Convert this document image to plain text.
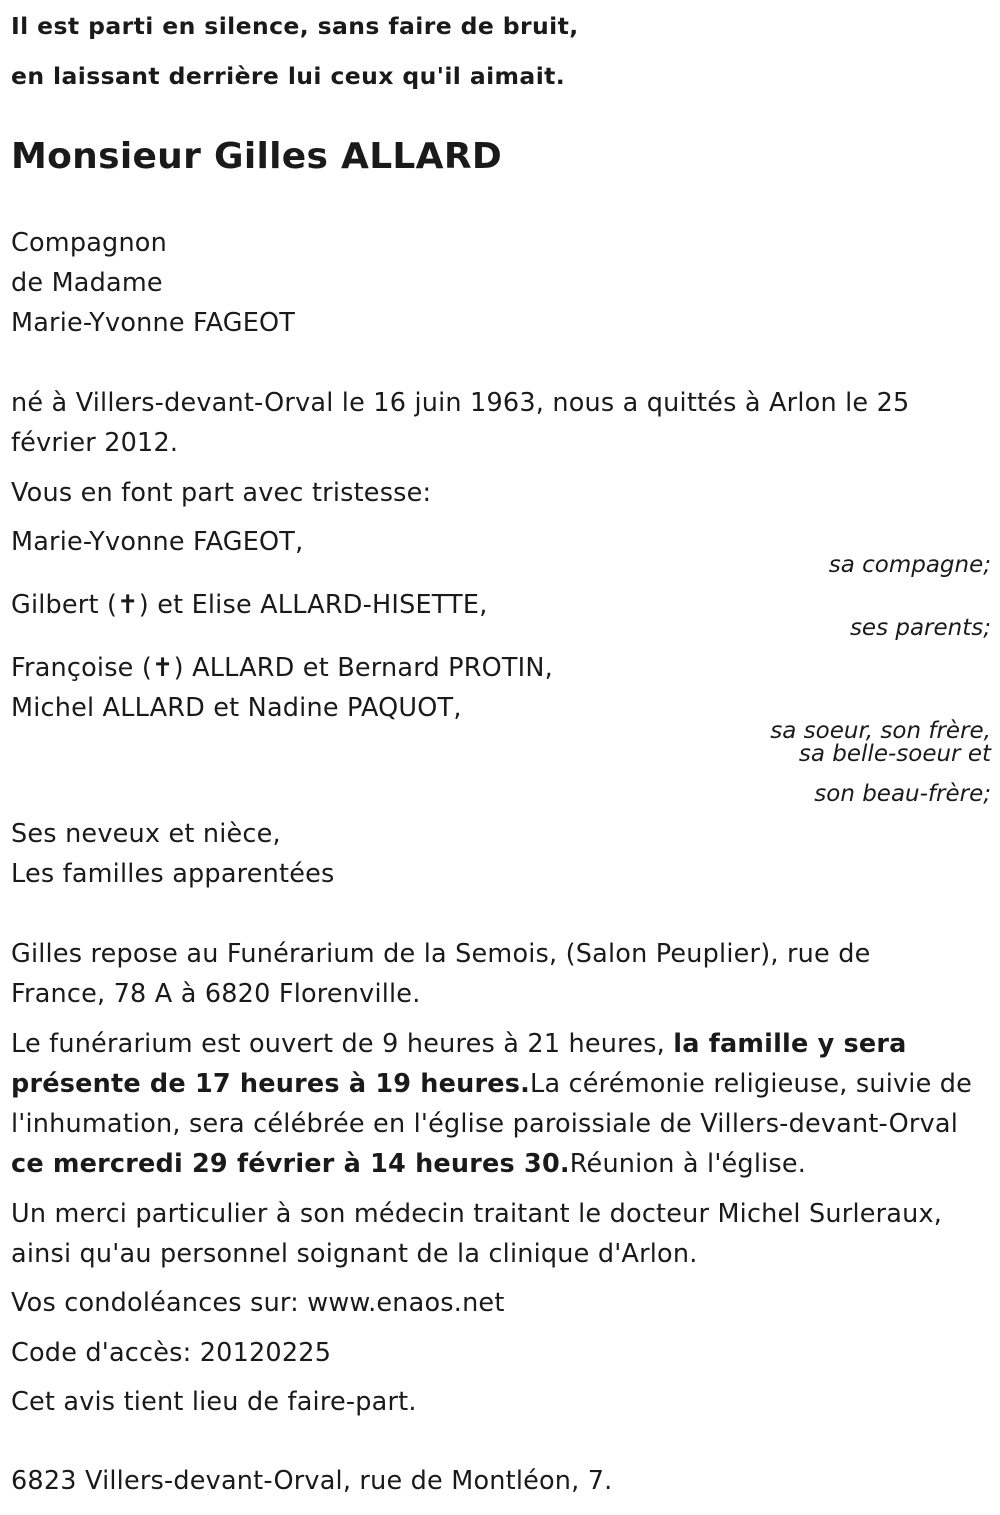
Il est parti en silence, sans faire de bruit,
en laissant derrière lui ceux qu'il aimait.
Monsieur Gilles ALLARD
Compagnon
de Madame
Marie-Yvonne FAGEOT
né à Villers-devant-Orval le 16 juin 1963, nous a quittés à Arlon le 25
février 2012.
Vous en font part avec tristesse:
Marie-Yvonne FAGEOT,
sa compagne;
Gilbert (✝) et Elise ALLARD-HISETTE,
ses parents;
Françoise (✝) ALLARD et Bernard PROTIN,
Michel ALLARD et Nadine PAQUOT,
sa soeur, son frère,
sa belle-soeur et
son beau-frère;
Ses neveux et nièce,
Les familles apparentées
Gilles repose au Funérarium de la Semois, (Salon Peuplier), rue de
France, 78 A à 6820 Florenville.
Le funérarium est ouvert de 9 heures à 21 heures, la famille y sera présente de 17 heures à 19 heures.La cérémonie religieuse, suivie de l'inhumation, sera célébrée en l'église paroissiale de Villers-devant-Orval ce mercredi 29 février à 14 heures 30.Réunion à l'église.
Un merci particulier à son médecin traitant le docteur Michel Surleraux,
ainsi qu'au personnel soignant de la clinique d'Arlon.
Vos condoléances sur: www.enaos.net
Code d'accès: 20120225
Cet avis tient lieu de faire-part.
6823 Villers-devant-Orval, rue de Montléon, 7.
